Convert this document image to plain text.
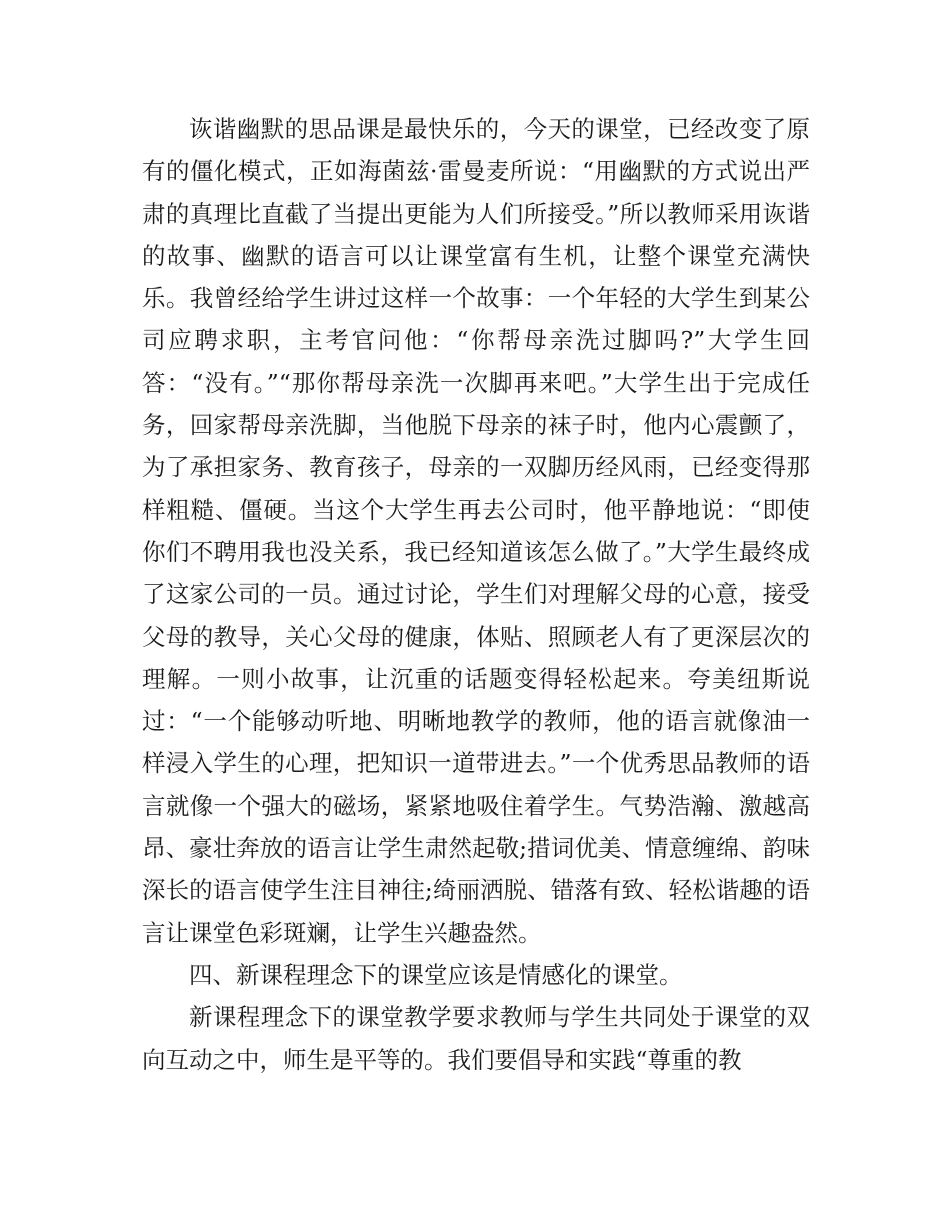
诙谐幽默的思品课是最快乐的，今天的课堂，已经改变了原有的僵化模式，正如海菌兹·雷曼麦所说：“用幽默的方式说出严肃的真理比直截了当提出更能为人们所接受。”所以教师采用诙谐的故事、幽默的语言可以让课堂富有生机，让整个课堂充满快乐。我曾经给学生讲过这样一个故事：一个年轻的大学生到某公司应聘求职，主考官问他：“你帮母亲洗过脚吗?”大学生回答：“没有。”“那你帮母亲洗一次脚再来吧。”大学生出于完成任务，回家帮母亲洗脚，当他脱下母亲的袜子时，他内心震颤了，为了承担家务、教育孩子，母亲的一双脚历经风雨，已经变得那样粗糙、僵硬。当这个大学生再去公司时，他平静地说：“即使你们不聘用我也没关系，我已经知道该怎么做了。”大学生最终成了这家公司的一员。通过讨论，学生们对理解父母的心意，接受父母的教导，关心父母的健康，体贴、照顾老人有了更深层次的理解。一则小故事，让沉重的话题变得轻松起来。夸美纽斯说过：“一个能够动听地、明晰地教学的教师，他的语言就像油一样浸入学生的心理，把知识一道带进去。”一个优秀思品教师的语言就像一个强大的磁场，紧紧地吸住着学生。气势浩瀚、激越高昂、豪壮奔放的语言让学生肃然起敬;措词优美、情意缠绵、韵味深长的语言使学生注目神往;绮丽洒脱、错落有致、轻松谐趣的语言让课堂色彩斑斓，让学生兴趣盎然。

四、新课程理念下的课堂应该是情感化的课堂。

新课程理念下的课堂教学要求教师与学生共同处于课堂的双向互动之中，师生是平等的。我们要倡导和实践“尊重的教
